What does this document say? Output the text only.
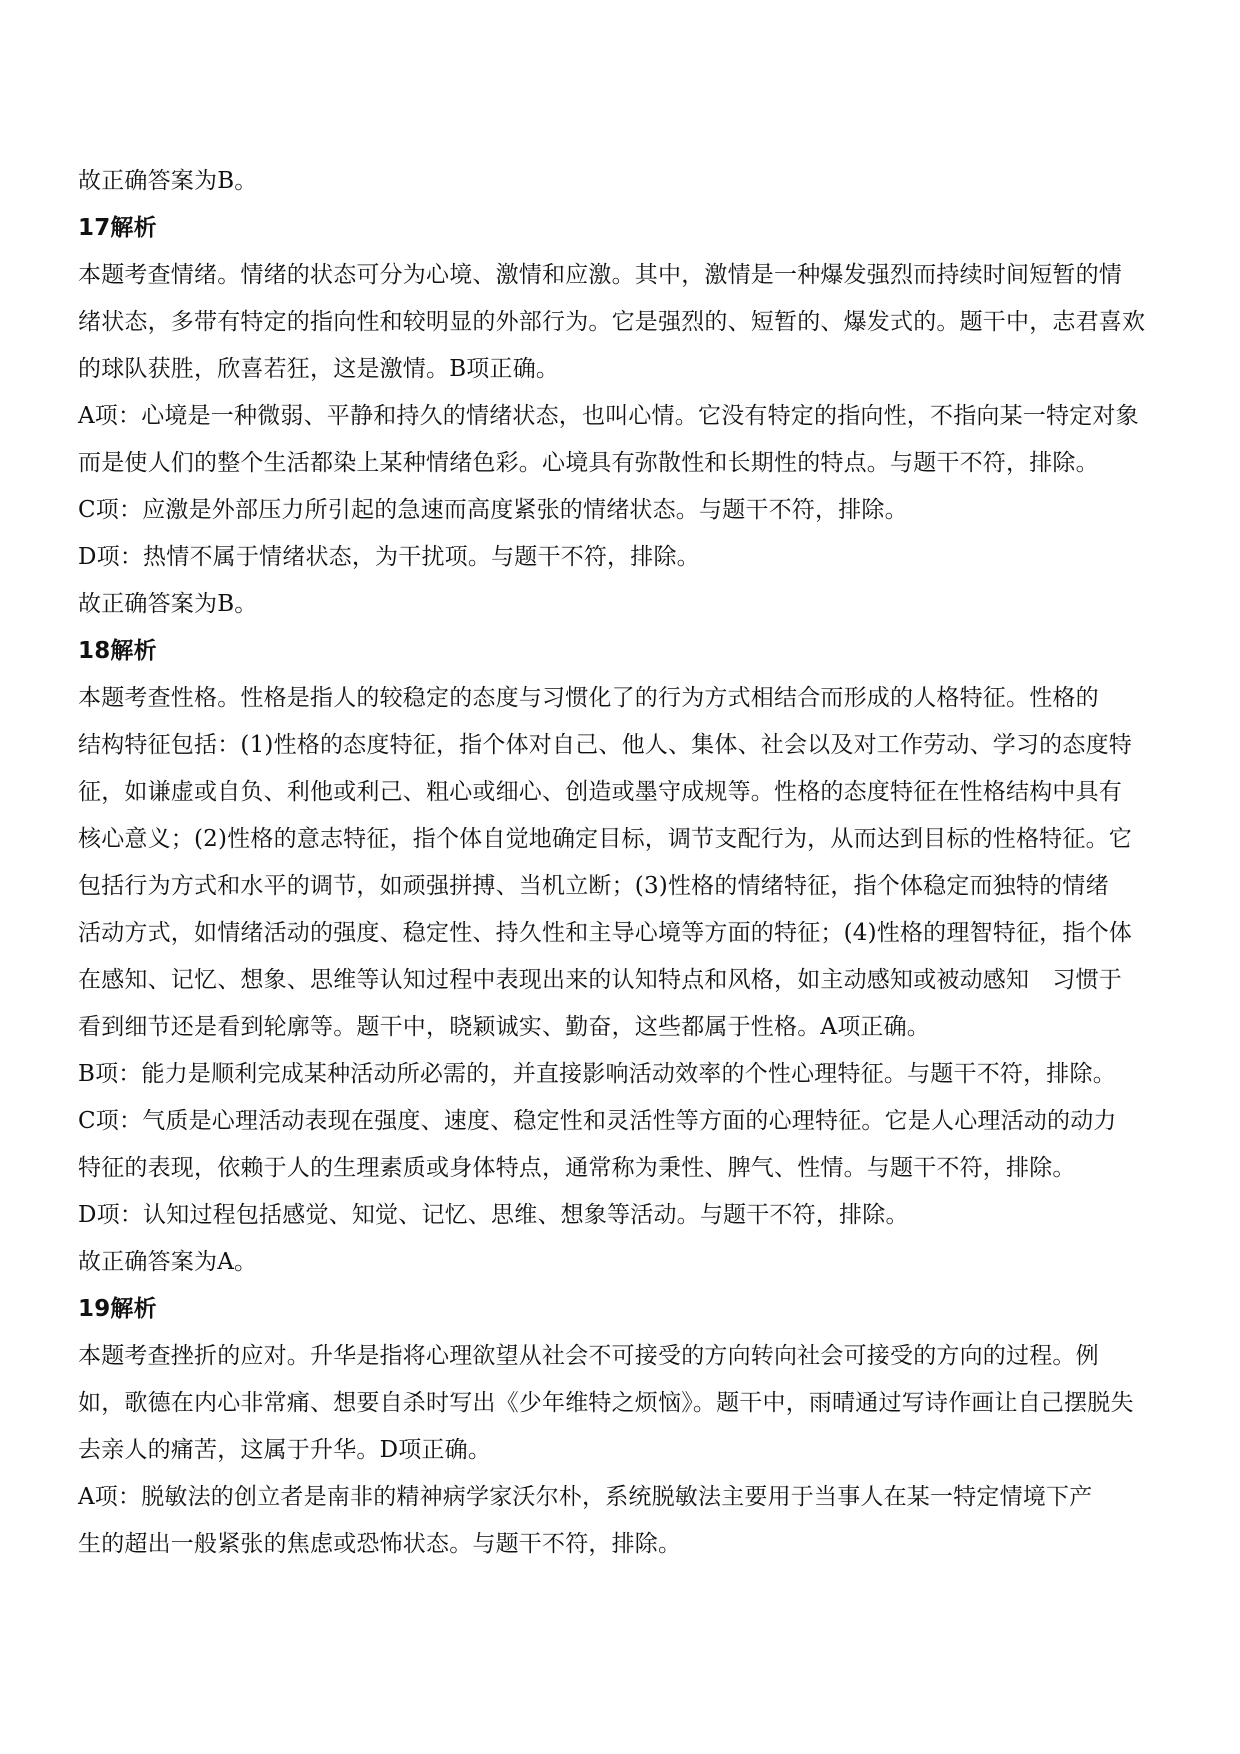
故正确答案为B。
17解析
本题考查情绪。情绪的状态可分为心境、激情和应激。其中，激情是一种爆发强烈而持续时间短暂的情
绪状态，多带有特定的指向性和较明显的外部行为。它是强烈的、短暂的、爆发式的。题干中，志君喜欢
的球队获胜，欣喜若狂，这是激情。B项正确。
A项：心境是一种微弱、平静和持久的情绪状态，也叫心情。它没有特定的指向性，不指向某一特定对象
而是使人们的整个生活都染上某种情绪色彩。心境具有弥散性和长期性的特点。与题干不符，排除。
C项：应激是外部压力所引起的急速而高度紧张的情绪状态。与题干不符，排除。
D项：热情不属于情绪状态，为干扰项。与题干不符，排除。
故正确答案为B。
18解析
本题考查性格。性格是指人的较稳定的态度与习惯化了的行为方式相结合而形成的人格特征。性格的
结构特征包括：(1)性格的态度特征，指个体对自己、他人、集体、社会以及对工作劳动、学习的态度特
征，如谦虚或自负、利他或利己、粗心或细心、创造或墨守成规等。性格的态度特征在性格结构中具有
核心意义；(2)性格的意志特征，指个体自觉地确定目标，调节支配行为，从而达到目标的性格特征。它
包括行为方式和水平的调节，如顽强拼搏、当机立断；(3)性格的情绪特征，指个体稳定而独特的情绪
活动方式，如情绪活动的强度、稳定性、持久性和主导心境等方面的特征；(4)性格的理智特征，指个体
在感知、记忆、想象、思维等认知过程中表现出来的认知特点和风格，如主动感知或被动感知　习惯于
看到细节还是看到轮廓等。题干中，晓颖诚实、勤奋，这些都属于性格。A项正确。
B项：能力是顺利完成某种活动所必需的，并直接影响活动效率的个性心理特征。与题干不符，排除。
C项：气质是心理活动表现在强度、速度、稳定性和灵活性等方面的心理特征。它是人心理活动的动力
特征的表现，依赖于人的生理素质或身体特点，通常称为秉性、脾气、性情。与题干不符，排除。
D项：认知过程包括感觉、知觉、记忆、思维、想象等活动。与题干不符，排除。
故正确答案为A。
19解析
本题考查挫折的应对。升华是指将心理欲望从社会不可接受的方向转向社会可接受的方向的过程。例
如，歌德在内心非常痛、想要自杀时写出《少年维特之烦恼》。题干中，雨晴通过写诗作画让自己摆脱失
去亲人的痛苦，这属于升华。D项正确。
A项：脱敏法的创立者是南非的精神病学家沃尔朴，系统脱敏法主要用于当事人在某一特定情境下产
生的超出一般紧张的焦虑或恐怖状态。与题干不符，排除。
